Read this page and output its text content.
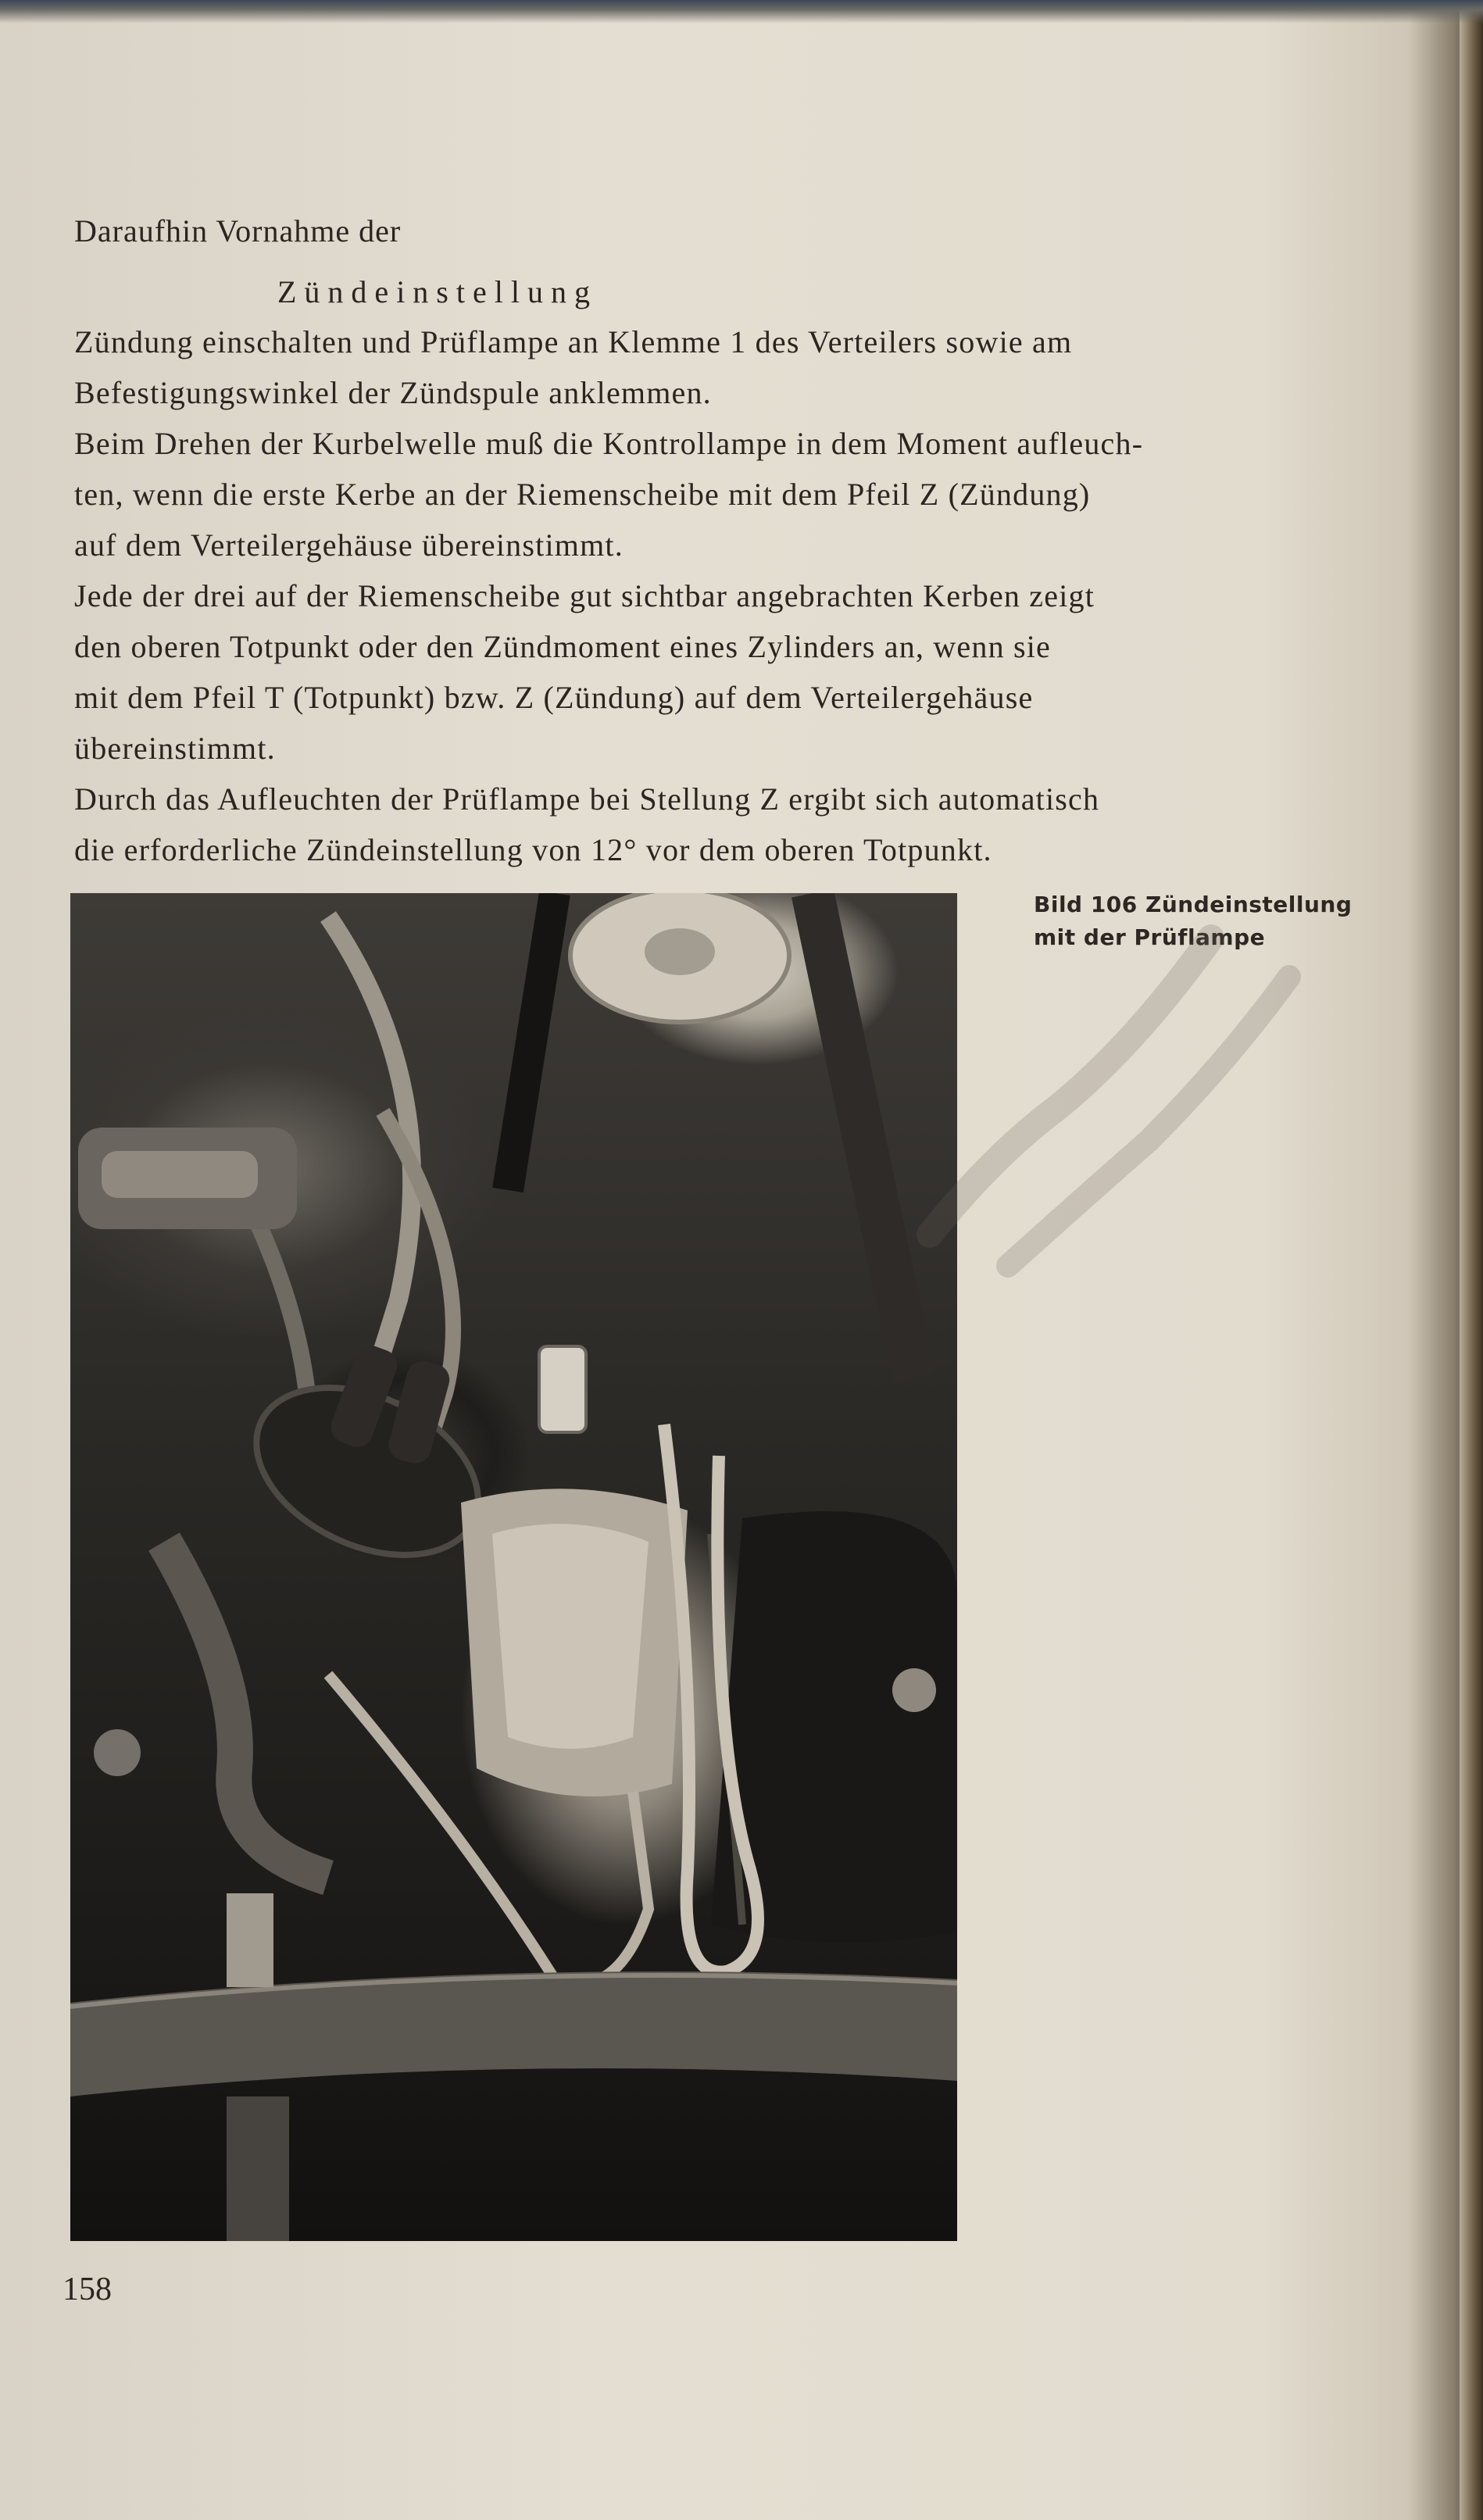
Daraufhin Vornahme der
Zündeinstellung
Zündung einschalten und Prüflampe an Klemme 1 des Verteilers sowie am
Befestigungswinkel der Zündspule anklemmen.
Beim Drehen der Kurbelwelle muß die Kontrollampe in dem Moment aufleuch-
ten, wenn die erste Kerbe an der Riemenscheibe mit dem Pfeil Z (Zündung)
auf dem Verteilergehäuse übereinstimmt.
Jede der drei auf der Riemenscheibe gut sichtbar angebrachten Kerben zeigt
den oberen Totpunkt oder den Zündmoment eines Zylinders an, wenn sie
mit dem Pfeil T (Totpunkt) bzw. Z (Zündung) auf dem Verteilergehäuse
übereinstimmt.
Durch das Aufleuchten der Prüflampe bei Stellung Z ergibt sich automatisch
die erforderliche Zündeinstellung von 12° vor dem oberen Totpunkt.
Bild 106 Zündeinstellung
mit der Prüflampe
158
